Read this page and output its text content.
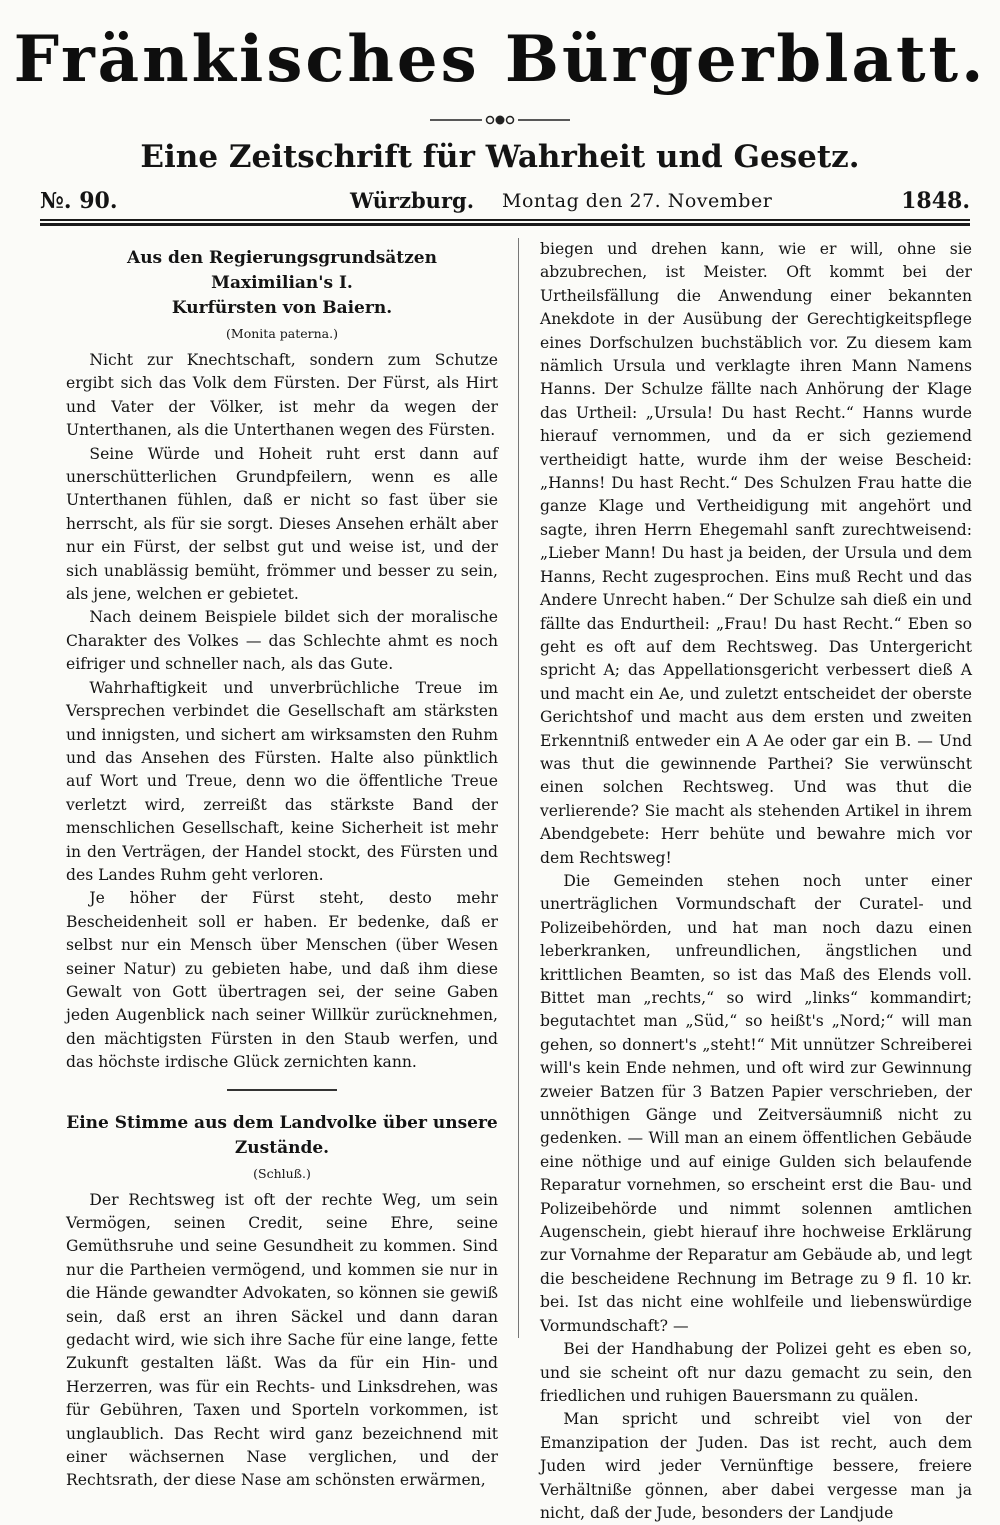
Fränkisches Bürgerblatt.
Eine Zeitschrift für Wahrheit und Gesetz.
№. 90.	Würzburg. Montag den 27. November	1848.
Aus den Regierungsgrundsätzen Maximilian's I.
Kurfürsten von Baiern.
(Monita paterna.)

Nicht zur Knechtschaft, sondern zum Schutze ergibt sich das Volk dem Fürsten. Der Fürst, als Hirt und Vater der Völker, ist mehr da wegen der Unterthanen, als die Unterthanen wegen des Fürsten.

Seine Würde und Hoheit ruht erst dann auf unerschütterlichen Grundpfeilern, wenn es alle Unterthanen fühlen, daß er nicht so fast über sie herrscht, als für sie sorgt. Dieses Ansehen erhält aber nur ein Fürst, der selbst gut und weise ist, und der sich unablässig bemüht, frömmer und besser zu sein, als jene, welchen er gebietet.

Nach deinem Beispiele bildet sich der moralische Charakter des Volkes — das Schlechte ahmt es noch eifriger und schneller nach, als das Gute.

Wahrhaftigkeit und unverbrüchliche Treue im Versprechen verbindet die Gesellschaft am stärksten und innigsten, und sichert am wirksamsten den Ruhm und das Ansehen des Fürsten. Halte also pünktlich auf Wort und Treue, denn wo die öffentliche Treue verletzt wird, zerreißt das stärkste Band der menschlichen Gesellschaft, keine Sicherheit ist mehr in den Verträgen, der Handel stockt, des Fürsten und des Landes Ruhm geht verloren.

Je höher der Fürst steht, desto mehr Bescheidenheit soll er haben. Er bedenke, daß er selbst nur ein Mensch über Menschen (über Wesen seiner Natur) zu gebieten habe, und daß ihm diese Gewalt von Gott übertragen sei, der seine Gaben jeden Augenblick nach seiner Willkür zurücknehmen, den mächtigsten Fürsten in den Staub werfen, und das höchste irdische Glück zernichten kann.

Eine Stimme aus dem Landvolke über unsere Zustände.
(Schluß.)

Der Rechtsweg ist oft der rechte Weg, um sein Vermögen, seinen Credit, seine Ehre, seine Gemüthsruhe und seine Gesundheit zu kommen. Sind nur die Partheien vermögend, und kommen sie nur in die Hände gewandter Advokaten, so können sie gewiß sein, daß erst an ihren Säckel und dann daran gedacht wird, wie sich ihre Sache für eine lange, fette Zukunft gestalten läßt. Was da für ein Hin- und Herzerren, was für ein Rechts- und Linksdrehen, was für Gebühren, Taxen und Sporteln vorkommen, ist unglaublich. Das Recht wird ganz bezeichnend mit einer wächsernen Nase verglichen, und der Rechtsrath, der diese Nase am schönsten erwärmen,

biegen und drehen kann, wie er will, ohne sie abzubrechen, ist Meister. Oft kommt bei der Urtheilsfällung die Anwendung einer bekannten Anekdote in der Ausübung der Gerechtigkeitspflege eines Dorfschulzen buchstäblich vor. Zu diesem kam nämlich Ursula und verklagte ihren Mann Namens Hanns. Der Schulze fällte nach Anhörung der Klage das Urtheil: „Ursula! Du hast Recht.“ Hanns wurde hierauf vernommen, und da er sich geziemend vertheidigt hatte, wurde ihm der weise Bescheid: „Hanns! Du hast Recht.“ Des Schulzen Frau hatte die ganze Klage und Vertheidigung mit angehört und sagte, ihren Herrn Ehegemahl sanft zurechtweisend: „Lieber Mann! Du hast ja beiden, der Ursula und dem Hanns, Recht zugesprochen. Eins muß Recht und das Andere Unrecht haben.“ Der Schulze sah dieß ein und fällte das Endurtheil: „Frau! Du hast Recht.“ Eben so geht es oft auf dem Rechtsweg. Das Untergericht spricht A; das Appellationsgericht verbessert dieß A und macht ein Ae, und zuletzt entscheidet der oberste Gerichtshof und macht aus dem ersten und zweiten Erkenntniß entweder ein A Ae oder gar ein B. — Und was thut die gewinnende Parthei? Sie verwünscht einen solchen Rechtsweg. Und was thut die verlierende? Sie macht als stehenden Artikel in ihrem Abendgebete: Herr behüte und bewahre mich vor dem Rechtsweg!

Die Gemeinden stehen noch unter einer unerträglichen Vormundschaft der Curatel- und Polizeibehörden, und hat man noch dazu einen leberkranken, unfreundlichen, ängstlichen und krittlichen Beamten, so ist das Maß des Elends voll. Bittet man „rechts,“ so wird „links“ kommandirt; begutachtet man „Süd,“ so heißt's „Nord;“ will man gehen, so donnert's „steht!“ Mit unnützer Schreiberei will's kein Ende nehmen, und oft wird zur Gewinnung zweier Batzen für 3 Batzen Papier verschrieben, der unnöthigen Gänge und Zeitversäumniß nicht zu gedenken. — Will man an einem öffentlichen Gebäude eine nöthige und auf einige Gulden sich belaufende Reparatur vornehmen, so erscheint erst die Bau- und Polizeibehörde und nimmt solennen amtlichen Augenschein, giebt hierauf ihre hochweise Erklärung zur Vornahme der Reparatur am Gebäude ab, und legt die bescheidene Rechnung im Betrage zu 9 fl. 10 kr. bei. Ist das nicht eine wohlfeile und liebenswürdige Vormundschaft? —

Bei der Handhabung der Polizei geht es eben so, und sie scheint oft nur dazu gemacht zu sein, den friedlichen und ruhigen Bauersmann zu quälen.

Man spricht und schreibt viel von der Emanzipation der Juden. Das ist recht, auch dem Juden wird jeder Vernünftige bessere, freiere Verhältniße gönnen, aber dabei vergesse man ja nicht, daß der Jude, besonders der Landjude
